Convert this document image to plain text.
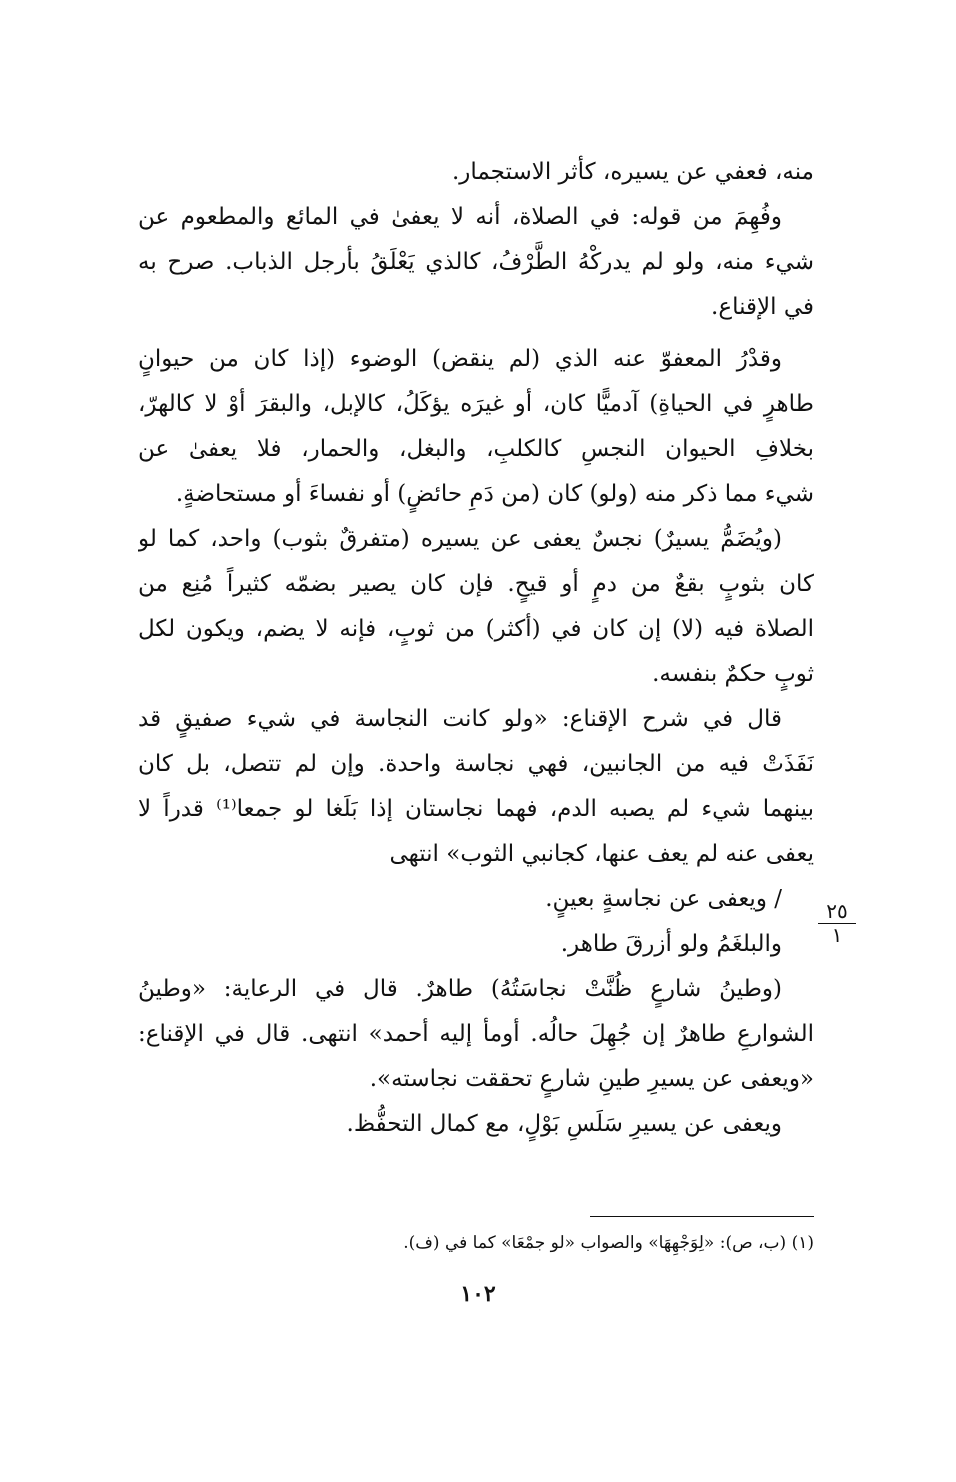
منه، فعفي عن يسيره، كأثر الاستجمار.
وفُهِمَ من قوله: في الصلاة، أنه لا يعفىٰ في المائع والمطعوم عن
شيء منه، ولو لم يدركْهُ الطَّرْفُ، كالذي يَعْلَقُ بأرجل الذباب. صرح به
في الإقناع.
وقدْرُ المعفوّ عنه الذي (لم ينقض) الوضوء (إذا كان من حيوانٍ
طاهرٍ في الحياةِ) آدميًّا كان، أو غيرَه يؤكَلُ، كالإبل، والبقرَ أوْ لا كالهرّ،
بخلافِ الحيوان النجسِ كالكلبِ، والبغل، والحمار، فلا يعفىٰ عن
شيء مما ذكر منه (ولو) كان (من دَمِ حائضٍ) أو نفساءَ أو مستحاضةٍ.
(ويُضَمُّ يسيرٌ) نجسٌ يعفى عن يسيره (متفرقٌ بثوب) واحد، كما لو
كان بثوبٍ بقعٌ من دمٍ أو قيحٍ. فإن كان يصير بضمّه كثيراً مُنِع من
الصلاة فيه (لا) إن كان في (أكثر) من ثوبٍ، فإنه لا يضم، ويكون لكل
ثوبٍ حكمٌ بنفسه.
قال في شرح الإقناع: «ولو كانت النجاسة في شيء صفيقٍ قد
نَفَذَتْ فيه من الجانبين، فهي نجاسة واحدة. وإن لم تتصل، بل كان
بينهما شيء لم يصبه الدم، فهما نجاستان إذا بَلَغا لو جمعا⁽¹⁾ قدراً لا
يعفى عنه لم يعف عنها، كجانبي الثوب» انتهى
/ ويعفى عن نجاسةٍ بعينٍ.
والبلغَمُ ولو أزرقَ طاهر.
(وطينُ شارعٍ ظُنَّتْ نجاسَتُهُ) طاهرٌ. قال في الرعاية: «وطينُ
الشوارعِ طاهرٌ إن جُهِلَ حالُه. أومأ إليه أحمد» انتهى. قال في الإقناع:
«ويعفى عن يسيرِ طينِ شارعٍ تحققت نجاسته».
ويعفى عن يسيرِ سَلَسِ بَوْلٍ، مع كمال التحفُّظ.
٢٥
١
(١) (ب، ص): «لِوَجْهِهَا» والصواب «لو جمْعَا» كما في (ف).
١٠٢
